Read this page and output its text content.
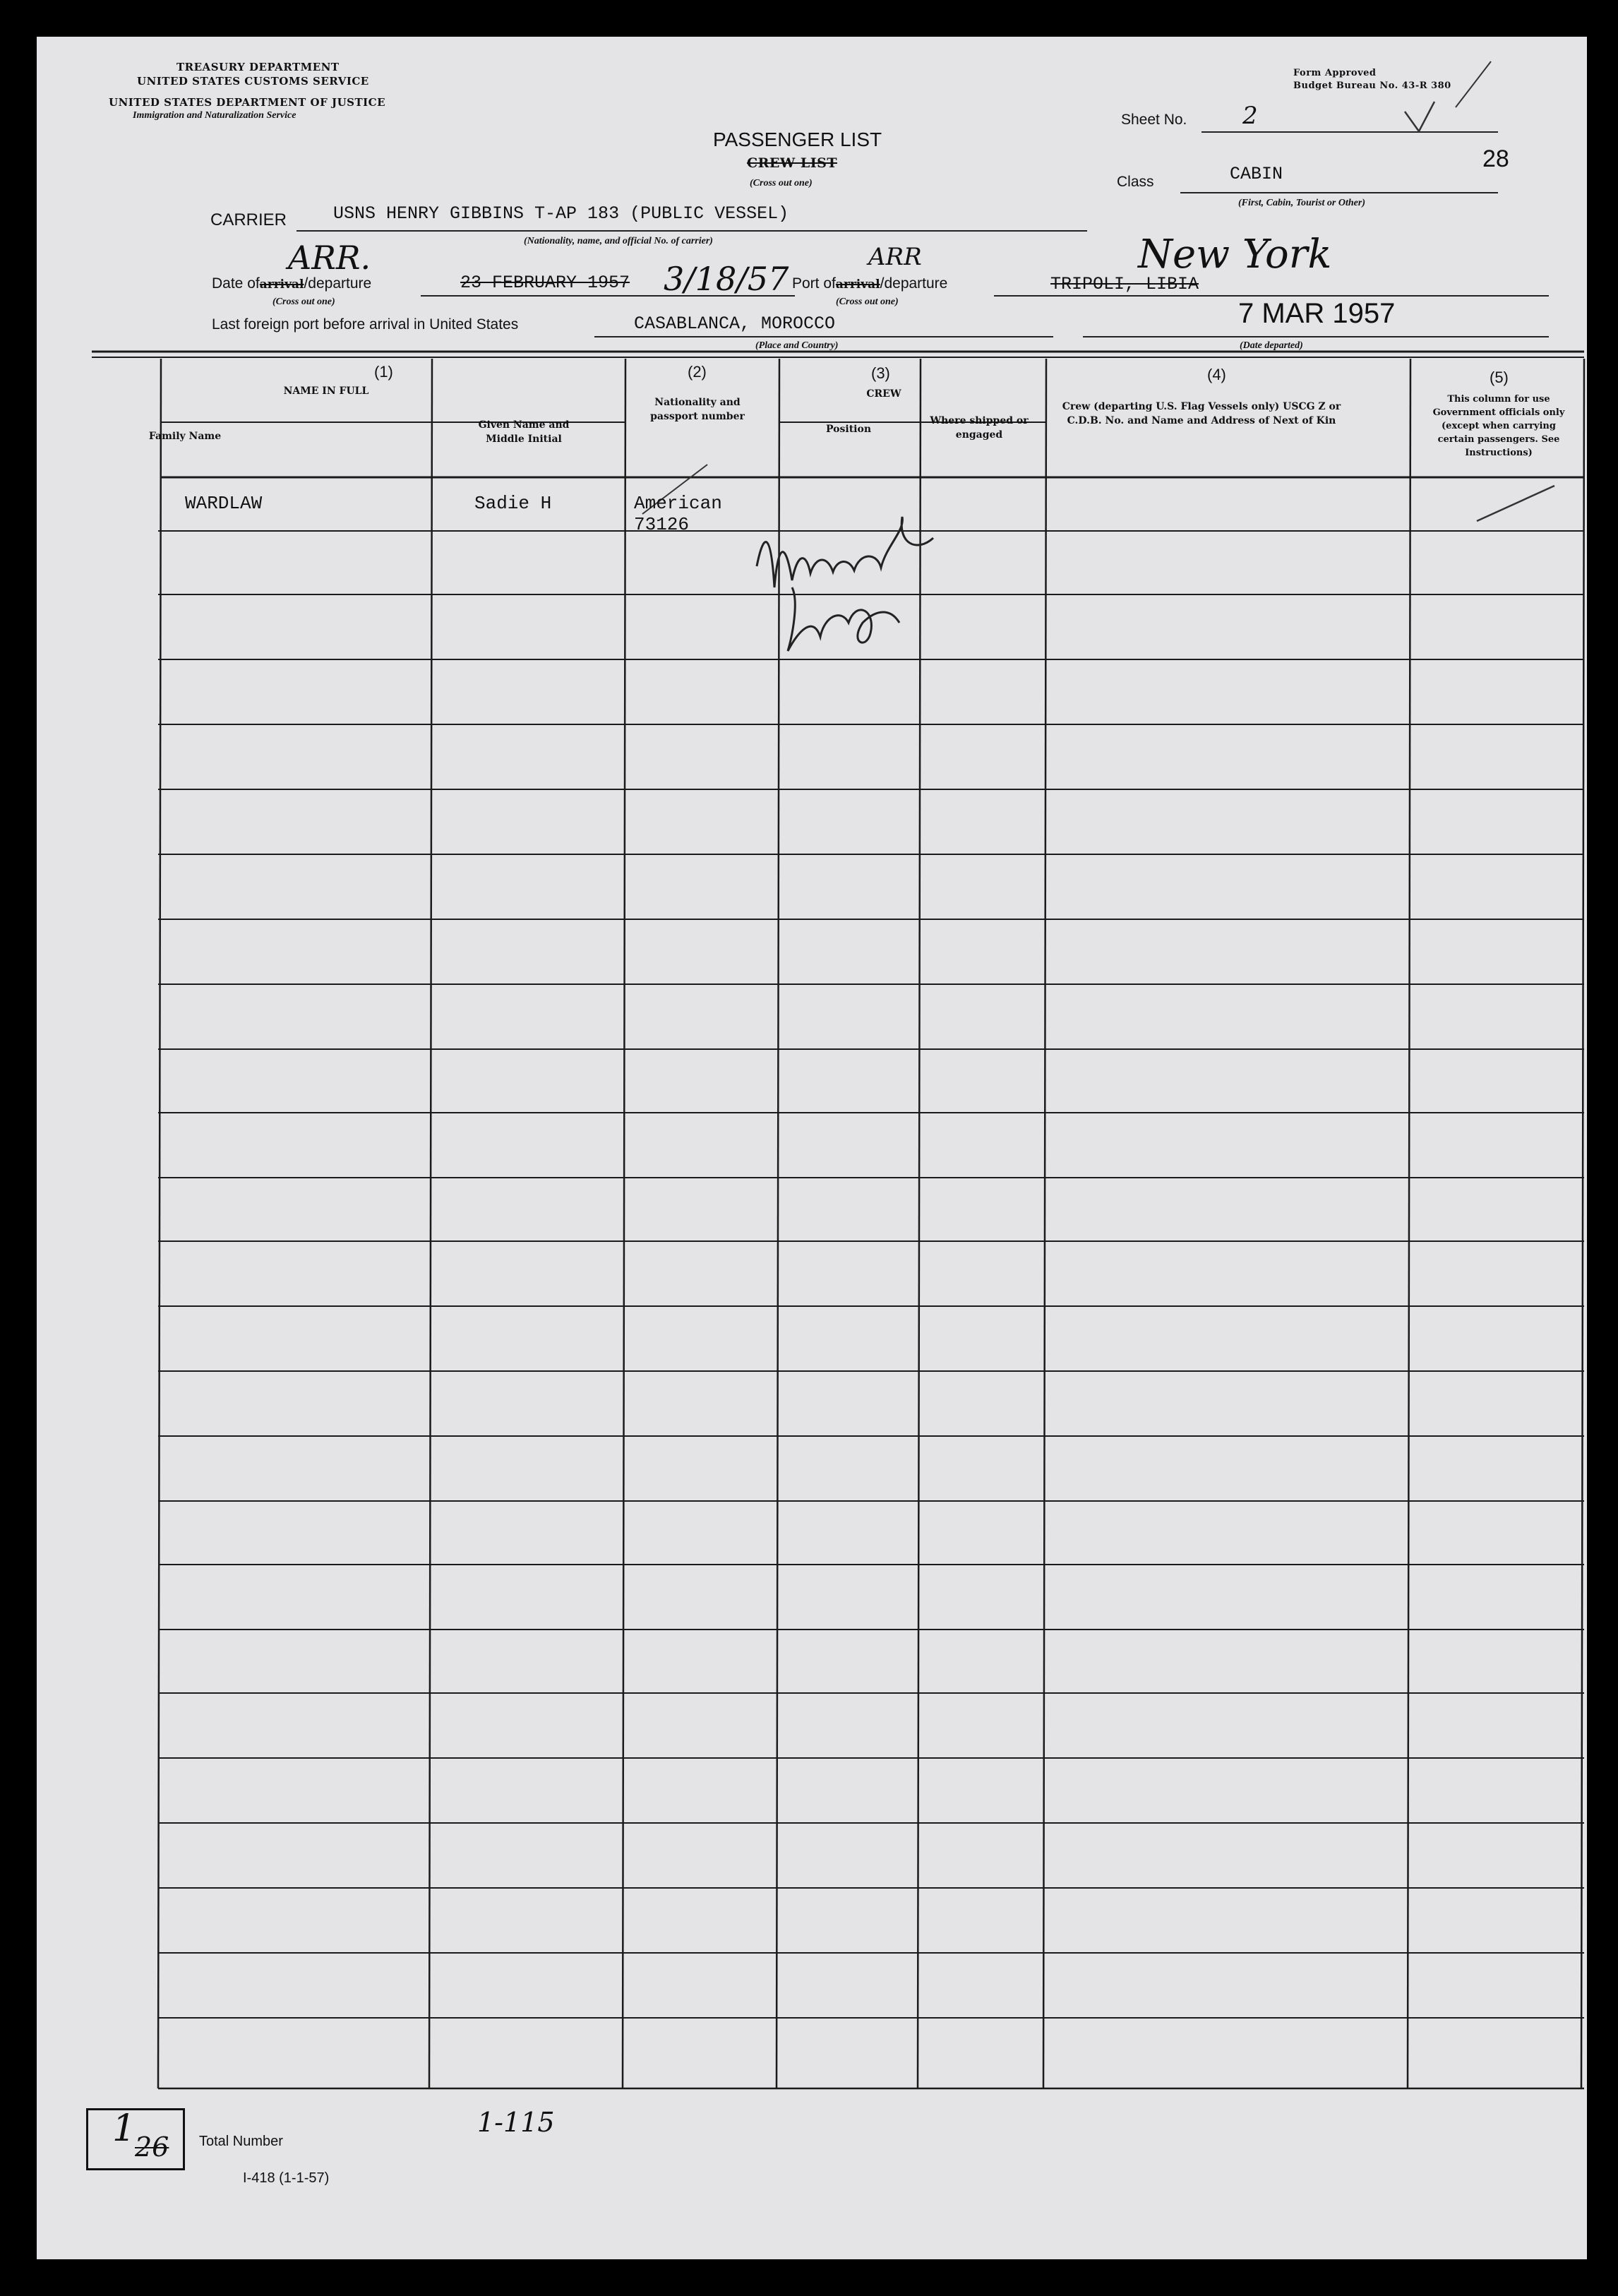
TREASURY DEPARTMENT
UNITED STATES CUSTOMS SERVICE
UNITED STATES DEPARTMENT OF JUSTICE
Immigration and Naturalization Service
Form Approved
Budget Bureau No. 43-R 380
PASSENGER LIST
CREW LIST
(Cross out one)
Sheet No. 2
Class	CABIN
(First, Cabin, Tourist or Other)
28
CARRIER	USNS HENRY GIBBINS T-AP 183 (PUBLIC VESSEL)
(Nationality, name, and official No. of carrier)
Date ofarrival/departure
ARR.
(Cross out one)
23 FEBRUARY 1957 3/18/57 Port ofarrival/departure
ARR
(Cross out one)
TRIPOLI, LIBIA
New York
Last foreign port before arrival in United States	CASABLANCA, MOROCCO
(Place and Country)
7 MAR 1957
(Date departed)
(1)
NAME IN FULL
Family Name
Given Name and Middle Initial
(2)
Nationality and passport number
(3)
CREW
Position
Where shipped or engaged
(4)
Crew (departing U.S. Flag Vessels only) USCG Z or C.D.B. No. and Name and Address of Next of Kin
(5)
This column for use Government officials only (except when carrying certain passengers. See Instructions)
WARDLAW	Sadie H	American
73126
1
26 Total Number
I-418 (1-1-57)
1-115
